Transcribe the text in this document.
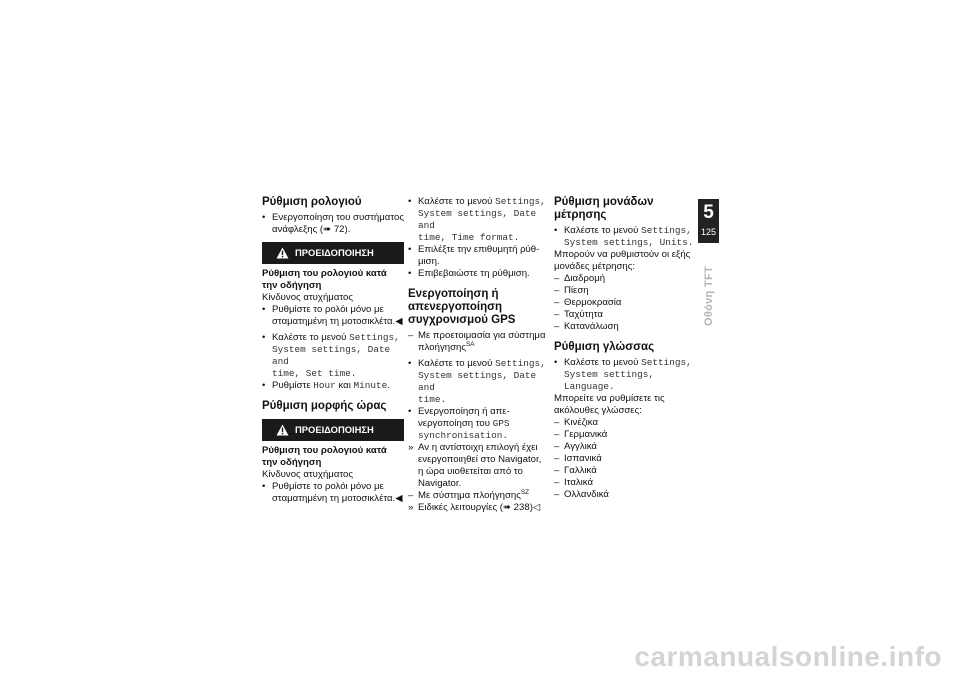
Ρύθμιση ρολογιού
• Ενεργοποίηση του συστήματος
ανάφλεξης (➠ 72).
ΠΡΟΕΙΔΟΠΟΙΗΣΗ
Ρύθμιση του ρολογιού κατά
την οδήγηση
Κίνδυνος ατυχήματος
• Ρυθμίστε το ρολόι μόνο με
σταματημένη τη μοτοσικλέτα.◀
• Καλέστε το μενού Settings,
System settings, Date and
time, Set time.
• Ρυθμίστε Hour και Minute.
Ρύθμιση μορφής ώρας
ΠΡΟΕΙΔΟΠΟΙΗΣΗ
Ρύθμιση του ρολογιού κατά
την οδήγηση
Κίνδυνος ατυχήματος
• Ρυθμίστε το ρολόι μόνο με
σταματημένη τη μοτοσικλέτα.◀
• Καλέστε το μενού Settings,
System settings, Date and
time, Time format.
• Επιλέξτε την επιθυμητή ρύθ-
μιση.
• Επιβεβαιώστε τη ρύθμιση.
Ενεργοποίηση ή
απενεργοποίηση
συγχρονισμού GPS
– Με προετοιμασία για σύστημα
πλοήγησης$^{SA}$
• Καλέστε το μενού Settings,
System settings, Date and
time.
• Ενεργοποίηση ή απε-
νεργοποίηση του GPS
synchronisation.
» Αν η αντίστοιχη επιλογή έχει
ενεργοποιηθεί στο Navigator,
η ώρα υιοθετείται από το
Navigator.
– Με σύστημα πλοήγησης$^{SZ}$
» Ειδικές λειτουργίες (➠ 238)◁
Ρύθμιση μονάδων
μέτρησης
• Καλέστε το μενού Settings,
System settings, Units.
Μπορούν να ρυθμιστούν οι εξής
μονάδες μέτρησης:
– Διαδρομή
– Πίεση
– Θερμοκρασία
– Ταχύτητα
– Κατανάλωση
Ρύθμιση γλώσσας
• Καλέστε το μενού Settings,
System settings,
Language.
Μπορείτε να ρυθμίσετε τις
ακόλουθες γλώσσες:
– Κινέζικα
– Γερμανικά
– Αγγλικά
– Ισπανικά
– Γαλλικά
– Ιταλικά
– Ολλανδικά
5
125
Οθόνη TFT
carmanualsonline.info
